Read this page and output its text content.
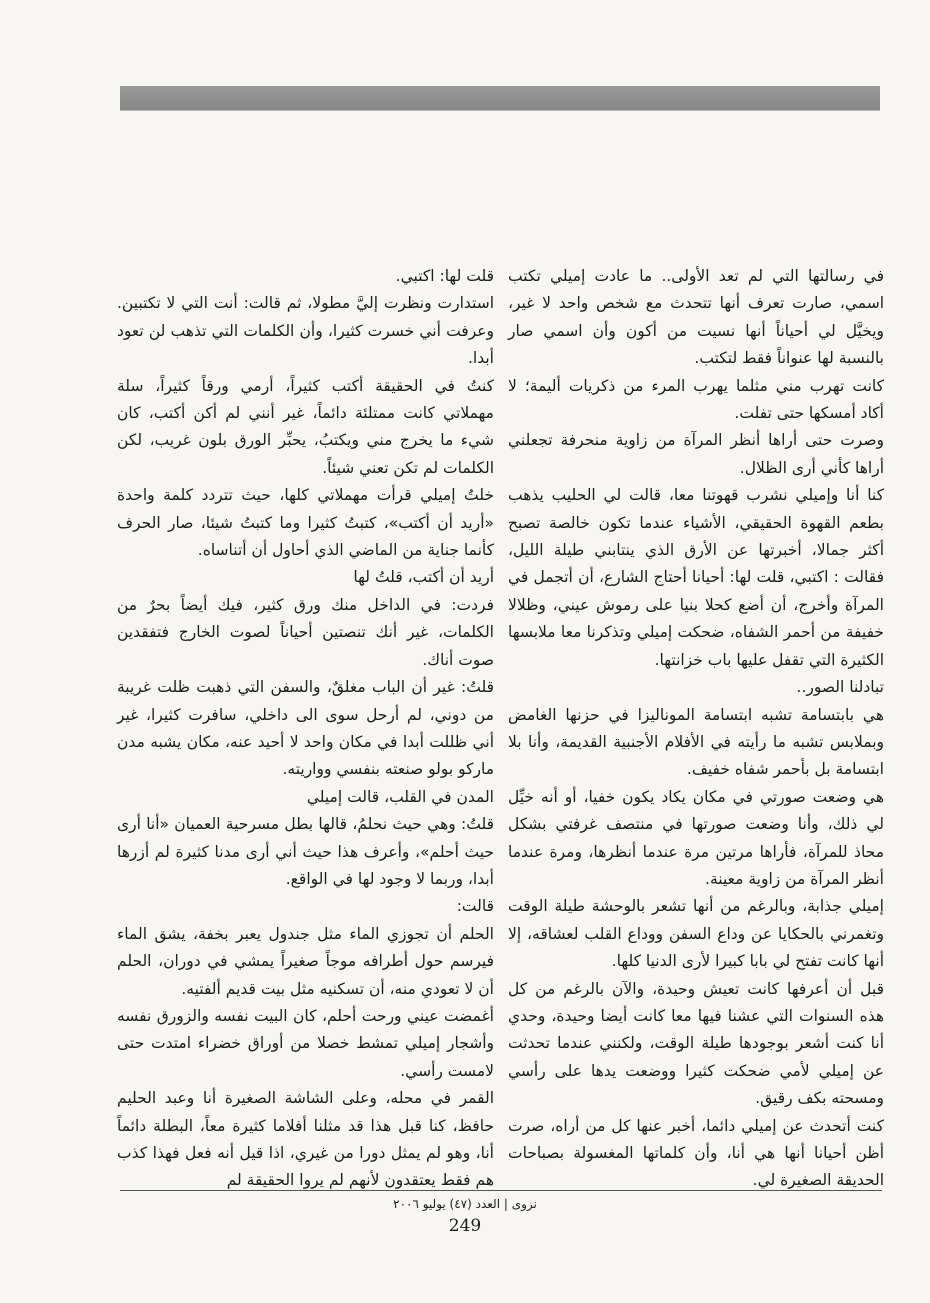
في رسالتها التي لم تعد الأولى.. ما عادت إميلي تكتب اسمي، صارت تعرف أنها تتحدث مع شخص واحد لا غير، ويخيَّل لي أحياناً أنها نسيت من أكون وأن اسمي صار بالنسبة لها عنواناً فقط لتكتب.

كانت تهرب مني مثلما يهرب المرء من ذكريات أليمة؛ لا أكاد أمسكها حتى تفلت.

وصرت حتى أراها أنظر المرآة من زاوية منحرفة تجعلني أراها كأني أرى الظلال.

كنا أنا وإميلي نشرب قهوتنا معا، قالت لي الحليب يذهب بطعم القهوة الحقيقي، الأشياء عندما تكون خالصة تصبح أكثر جمالا، أخبرتها عن الأرق الذي ينتابني طيلة الليل، فقالت : اكتبي، قلت لها: أحيانا أحتاج الشارع، أن أتجمل في المرآة وأخرج، أن أضع كحلا بنيا على رموش عيني، وظلالا خفيفة من أحمر الشفاه، ضحكت إميلي وتذكرنا معا ملابسها الكثيرة التي تقفل عليها باب خزانتها.

تبادلنا الصور..

هي بابتسامة تشبه ابتسامة الموناليزا في حزنها الغامض وبملابس تشبه ما رأيته في الأفلام الأجنبية القديمة، وأنا بلا ابتسامة بل بأحمر شفاه خفيف.

هي وضعت صورتي في مكان يكاد يكون خفيا، أو أنه خيِّل لي ذلك، وأنا وضعت صورتها في منتصف غرفتي بشكل محاذ للمرآة، فأراها مرتين مرة عندما أنظرها، ومرة عندما أنظر المرآة من زاوية معينة.

إميلي جذابة، وبالرغم من أنها تشعر بالوحشة طيلة الوقت وتغمرني بالحكايا عن وداع السفن ووداع القلب لعشاقه، إلا أنها كانت تفتح لي بابا كبيرا لأرى الدنيا كلها.

قبل أن أعرفها كانت تعيش وحيدة، والآن بالرغم من كل هذه السنوات التي عشنا فيها معا كانت أيضا وحيدة، وحدي أنا كنت أشعر بوجودها طيلة الوقت، ولكنني عندما تحدثت عن إميلي لأمي ضحكت كثيرا ووضعت يدها على رأسي ومسحته بكف رقيق.

كنت أتحدث عن إميلي دائما، أخبر عنها كل من أراه، صرت أظن أحيانا أنها هي أنا، وأن كلماتها المغسولة بصباحات الحديقة الصغيرة لي.

قلت لها: اكتبي.

استدارت ونظرت إليَّ مطولا، ثم قالت: أنت التي لا تكتبين. وعرفت أني خسرت كثيرا، وأن الكلمات التي تذهب لن تعود أبدا.

كنتُ في الحقيقة أكتب كثيراً، أرمي ورقاً كثيراً، سلة مهملاتي كانت ممتلئة دائماً، غير أنني لم أكن أكتب، كان شيء ما يخرج مني ويكتبُ، يحبِّر الورق بلون غريب، لكن الكلمات لم تكن تعني شيئاً.

خلتُ إميلي قرأت مهملاتي كلها، حيث تتردد كلمة واحدة «أريد أن أكتب»، كتبتُ كثيرا وما كتبتُ شيئا، صار الحرف كأنما جناية من الماضي الذي أحاول أن أتناساه.

أريد أن أكتب، قلتُ لها

فردت: في الداخل منك ورق كثير، فيك أيضاً بحرٌ من الكلمات، غير أنك تنصتين أحياناً لصوت الخارج فتفقدين صوت أناك.

قلتُ: غير أن الباب مغلقٌ، والسفن التي ذهبت ظلت غريبة من دوني، لم أرحل سوى الى داخلي، سافرت كثيرا، غير أني ظللت أبدا في مكان واحد لا أحيد عنه، مكان يشبه مدن ماركو بولو صنعته بنفسي وواريته.

المدن في القلب، قالت إميلي

قلتُ: وهي حيث نحلمُ، قالها بطل مسرحية العميان «أنا أرى حيث أحلم»، وأعرف هذا حيث أني أرى مدنا كثيرة لم أزرها أبدا، وربما لا وجود لها في الواقع.

قالت:

الحلم أن تجوزي الماء مثل جندول يعبر بخفة، يشق الماء فيرسم حول أطرافه موجاً صغيراً يمشي في دوران، الحلم أن لا تعودي منه، أن تسكنيه مثل بيت قديم ألفتيه.

أغمضت عيني ورحت أحلم، كان البيت نفسه والزورق نفسه وأشجار إميلي تمشط خصلا من أوراق خضراء امتدت حتى لامست رأسي.

القمر في محله، وعلى الشاشة الصغيرة أنا وعبد الحليم حافظ، كنا قبل هذا قد مثلنا أفلاما كثيرة معاً، البطلة دائماً أنا، وهو لم يمثل دورا من غيري، اذا قيل أنه فعل فهذا كذب هم فقط يعتقدون لأنهم لم يروا الحقيقة لم

نزوى | العدد (٤٧) يوليو ٢٠٠٦
249
